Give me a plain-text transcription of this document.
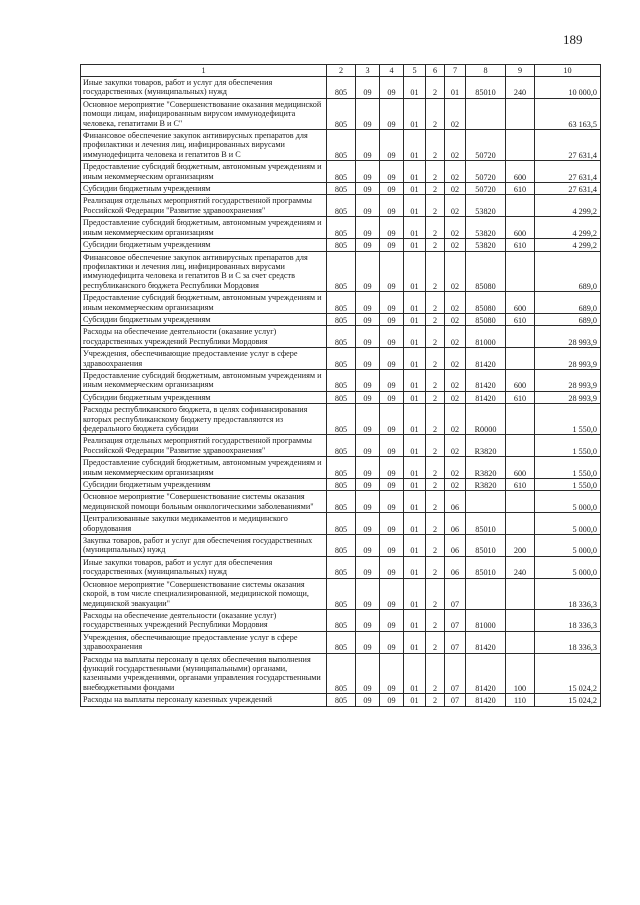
189
1	2	3	4	5	6	7	8	9	10
Иные закупки товаров, работ и услуг для обеспечения государственных (муниципальных) нужд	805	09	09	01	2	01	85010	240	10 000,0
Основное мероприятие "Совершенствование оказания медицинской помощи лицам, инфицированным вирусом иммунодефицита человека, гепатитами В и С"	805	09	09	01	2	02			63 163,5
Финансовое обеспечение закупок антивирусных препаратов для профилактики и лечения лиц, инфицированных вирусами иммунодефицита человека и гепатитов В и С	805	09	09	01	2	02	50720		27 631,4
Предоставление субсидий бюджетным, автономным учреждениям и иным некоммерческим организациям	805	09	09	01	2	02	50720	600	27 631,4
Субсидии бюджетным учреждениям	805	09	09	01	2	02	50720	610	27 631,4
Реализация отдельных мероприятий государственной программы Российской Федерации "Развитие здравоохранения"	805	09	09	01	2	02	53820		4 299,2
Предоставление субсидий бюджетным, автономным учреждениям и иным некоммерческим организациям	805	09	09	01	2	02	53820	600	4 299,2
Субсидии бюджетным учреждениям	805	09	09	01	2	02	53820	610	4 299,2
Финансовое обеспечение закупок антивирусных препаратов для профилактики и лечения лиц, инфицированных вирусами иммунодефицита человека и гепатитов В и С за счет средств республиканского бюджета Республики Мордовия	805	09	09	01	2	02	85080		689,0
Предоставление субсидий бюджетным, автономным учреждениям и иным некоммерческим организациям	805	09	09	01	2	02	85080	600	689,0
Субсидии бюджетным учреждениям	805	09	09	01	2	02	85080	610	689,0
Расходы на обеспечение деятельности (оказание услуг) государственных учреждений Республики Мордовия	805	09	09	01	2	02	81000		28 993,9
Учреждения, обеспечивающие предоставление услуг в сфере здравоохранения	805	09	09	01	2	02	81420		28 993,9
Предоставление субсидий бюджетным, автономным учреждениям и иным некоммерческим организациям	805	09	09	01	2	02	81420	600	28 993,9
Субсидии бюджетным учреждениям	805	09	09	01	2	02	81420	610	28 993,9
Расходы республиканского бюджета, в целях софинансирования которых республиканскому бюджету предоставляются из федерального бюджета субсидии	805	09	09	01	2	02	R0000		1 550,0
Реализация отдельных мероприятий государственной программы Российской Федерации "Развитие здравоохранения"	805	09	09	01	2	02	R3820		1 550,0
Предоставление субсидий бюджетным, автономным учреждениям и иным некоммерческим организациям	805	09	09	01	2	02	R3820	600	1 550,0
Субсидии бюджетным учреждениям	805	09	09	01	2	02	R3820	610	1 550,0
Основное мероприятие "Совершенствование системы оказания медицинской помощи больным онкологическими заболеваниями"	805	09	09	01	2	06			5 000,0
Централизованные закупки медикаментов и медицинского оборудования	805	09	09	01	2	06	85010		5 000,0
Закупка товаров, работ и услуг для обеспечения государственных (муниципальных) нужд	805	09	09	01	2	06	85010	200	5 000,0
Иные закупки товаров, работ и услуг для обеспечения государственных (муниципальных) нужд	805	09	09	01	2	06	85010	240	5 000,0
Основное мероприятие "Совершенствование системы оказания скорой, в том числе специализированной, медицинской помощи, медицинской эвакуации"	805	09	09	01	2	07			18 336,3
Расходы на обеспечение деятельности (оказание услуг) государственных учреждений Республики Мордовия	805	09	09	01	2	07	81000		18 336,3
Учреждения, обеспечивающие предоставление услуг в сфере здравоохранения	805	09	09	01	2	07	81420		18 336,3
Расходы на выплаты персоналу в целях обеспечения выполнения функций государственными (муниципальными) органами, казенными учреждениями, органами управления государственными внебюджетными фондами	805	09	09	01	2	07	81420	100	15 024,2
Расходы на выплаты персоналу казенных учреждений	805	09	09	01	2	07	81420	110	15 024,2
